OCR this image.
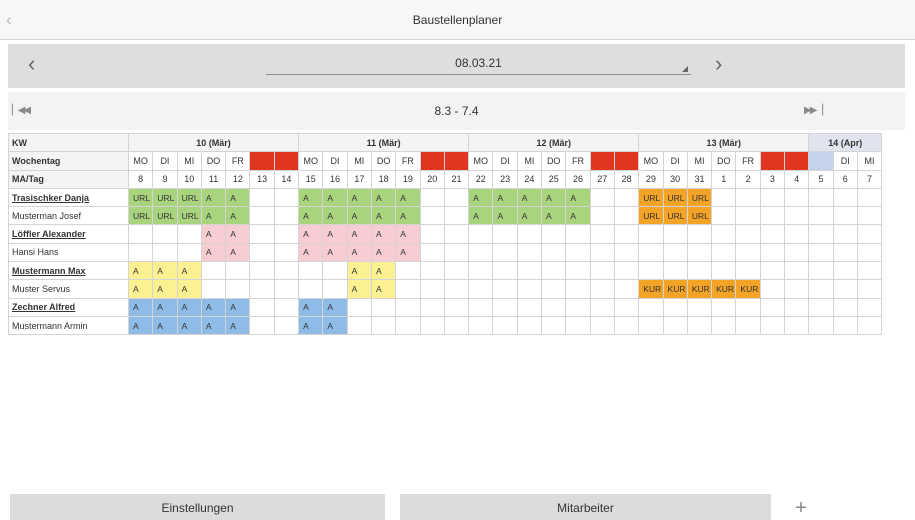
‹	Baustellenplaner
‹	08.03.21	›
▏◀◀	8.3 - 7.4	▶▶▕
KW	10 (Mär)							11 (Mär)							12 (Mär)							13 (Mär)							14 (Apr)		
Wochentag	MO	DI	MI	DO	FR	SA	SO	MO	DI	MI	DO	FR	SA	SO	MO	DI	MI	DO	FR	SA	SO	MO	DI	MI	DO	FR	SA	SO	MO	DI	MI
MA/Tag	8	9	10	11	12	13	14	15	16	17	18	19	20	21	22	23	24	25	26	27	28	29	30	31	1	2	3	4	5	6	7
Trasischker Danja	URL	URL	URL	A	A			A	A	A	A	A			A	A	A	A	A			URL	URL	URL							
Musterman Josef	URL	URL	URL	A	A			A	A	A	A	A			A	A	A	A	A			URL	URL	URL							
Löffler Alexander				A	A			A	A	A	A	A																			
Hansi Hans				A	A			A	A	A	A	A																			
Mustermann Max	A	A	A							A	A																				
Muster Servus	A	A	A							A	A											KUR	KUR	KUR	KUR	KUR					
Zechner Alfred	A	A	A	A	A			A	A																						
Mustermann Armin	A	A	A	A	A			A	A																						
Einstellungen	Mitarbeiter	+
